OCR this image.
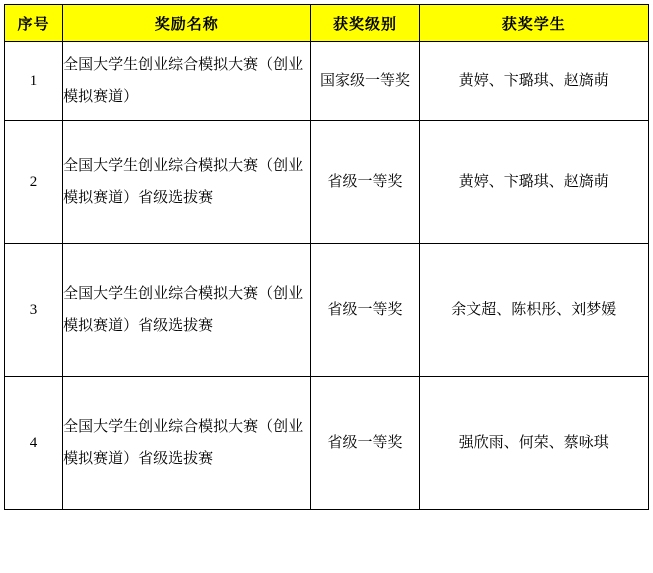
序号	奖励名称	获奖级别	获奖学生
1	全国大学生创业综合模拟大赛（创业模拟赛道）	国家级一等奖	黄婷、卞璐琪、赵旖萌
2	全国大学生创业综合模拟大赛（创业模拟赛道）省级选拔赛	省级一等奖	黄婷、卞璐琪、赵旖萌
3	全国大学生创业综合模拟大赛（创业模拟赛道）省级选拔赛	省级一等奖	余文超、陈枳彤、刘梦媛
4	全国大学生创业综合模拟大赛（创业模拟赛道）省级选拔赛	省级一等奖	强欣雨、何荣、蔡咏琪
